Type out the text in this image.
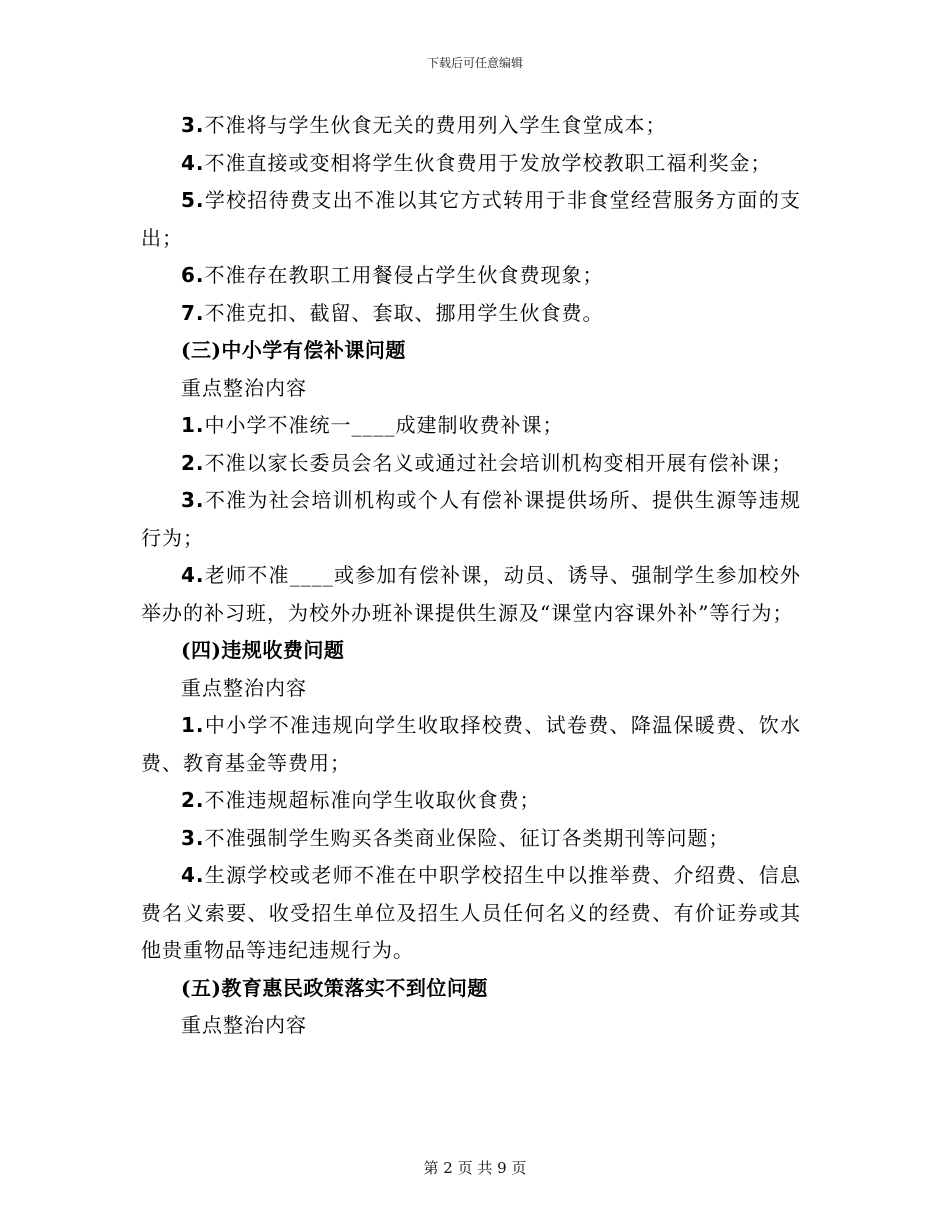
下载后可任意编辑

3.不准将与学生伙食无关的费用列入学生食堂成本；

4.不准直接或变相将学生伙食费用于发放学校教职工福利奖金；

5.学校招待费支出不准以其它方式转用于非食堂经营服务方面的支出；

6.不准存在教职工用餐侵占学生伙食费现象；

7.不准克扣、截留、套取、挪用学生伙食费。

(三)中小学有偿补课问题

重点整治内容

1.中小学不准统一____成建制收费补课；

2.不准以家长委员会名义或通过社会培训机构变相开展有偿补课；

3.不准为社会培训机构或个人有偿补课提供场所、提供生源等违规行为；

4.老师不准____或参加有偿补课，动员、诱导、强制学生参加校外举办的补习班，为校外办班补课提供生源及“课堂内容课外补”等行为；

(四)违规收费问题

重点整治内容

1.中小学不准违规向学生收取择校费、试卷费、降温保暖费、饮水费、教育基金等费用；

2.不准违规超标准向学生收取伙食费；

3.不准强制学生购买各类商业保险、征订各类期刊等问题；

4.生源学校或老师不准在中职学校招生中以推举费、介绍费、信息费名义索要、收受招生单位及招生人员任何名义的经费、有价证券或其他贵重物品等违纪违规行为。

(五)教育惠民政策落实不到位问题

重点整治内容

第 2 页 共 9 页
